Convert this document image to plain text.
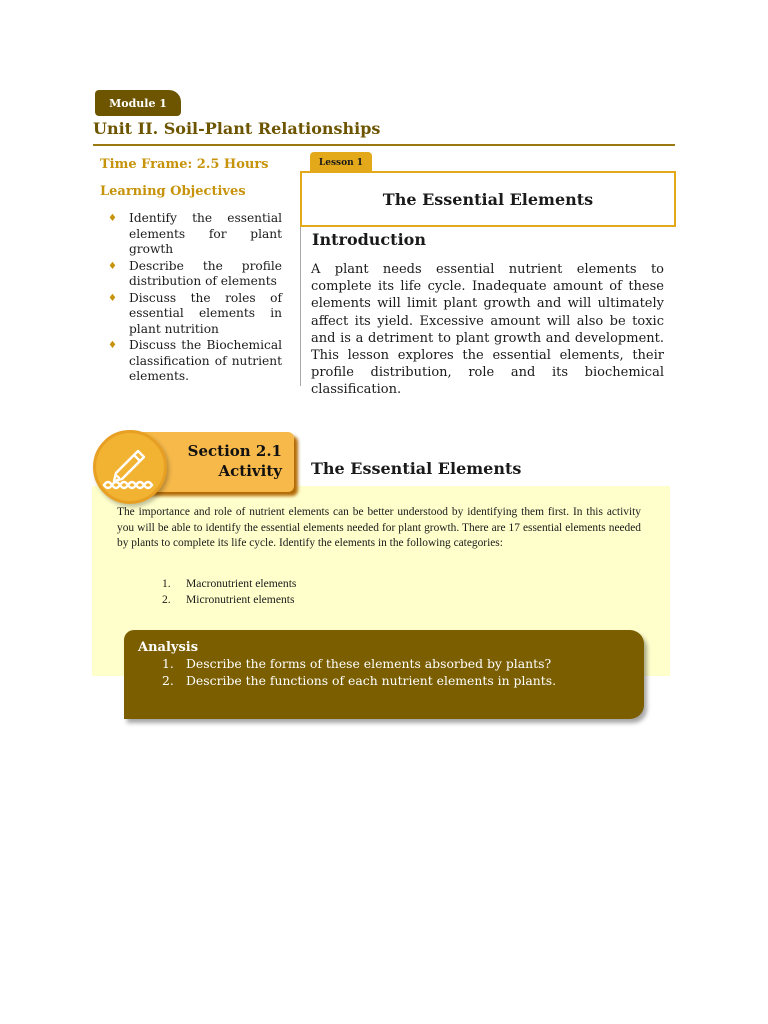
Module 1
Unit II. Soil-Plant Relationships
Time Frame: 2.5 Hours
Learning Objectives
♦ Identify the essential elements for plant growth
♦ Describe the profile distribution of elements
♦ Discuss the roles of essential elements in plant nutrition
♦ Discuss the Biochemical classification of nutrient elements.
Lesson 1
The Essential Elements
Introduction
A plant needs essential nutrient elements to complete its life cycle. Inadequate amount of these elements will limit plant growth and will ultimately affect its yield. Excessive amount will also be toxic and is a detriment to plant growth and development. This lesson explores the essential elements, their profile distribution, role and its biochemical classification.
Section 2.1
Activity The Essential Elements
The importance and role of nutrient elements can be better understood by identifying them first. In this activity you will be able to identify the essential elements needed for plant growth. There are 17 essential elements needed by plants to complete its life cycle. Identify the elements in the following categories:
1. Macronutrient elements
2. Micronutrient elements
Analysis
1. Describe the forms of these elements absorbed by plants?
2. Describe the functions of each nutrient elements in plants.
